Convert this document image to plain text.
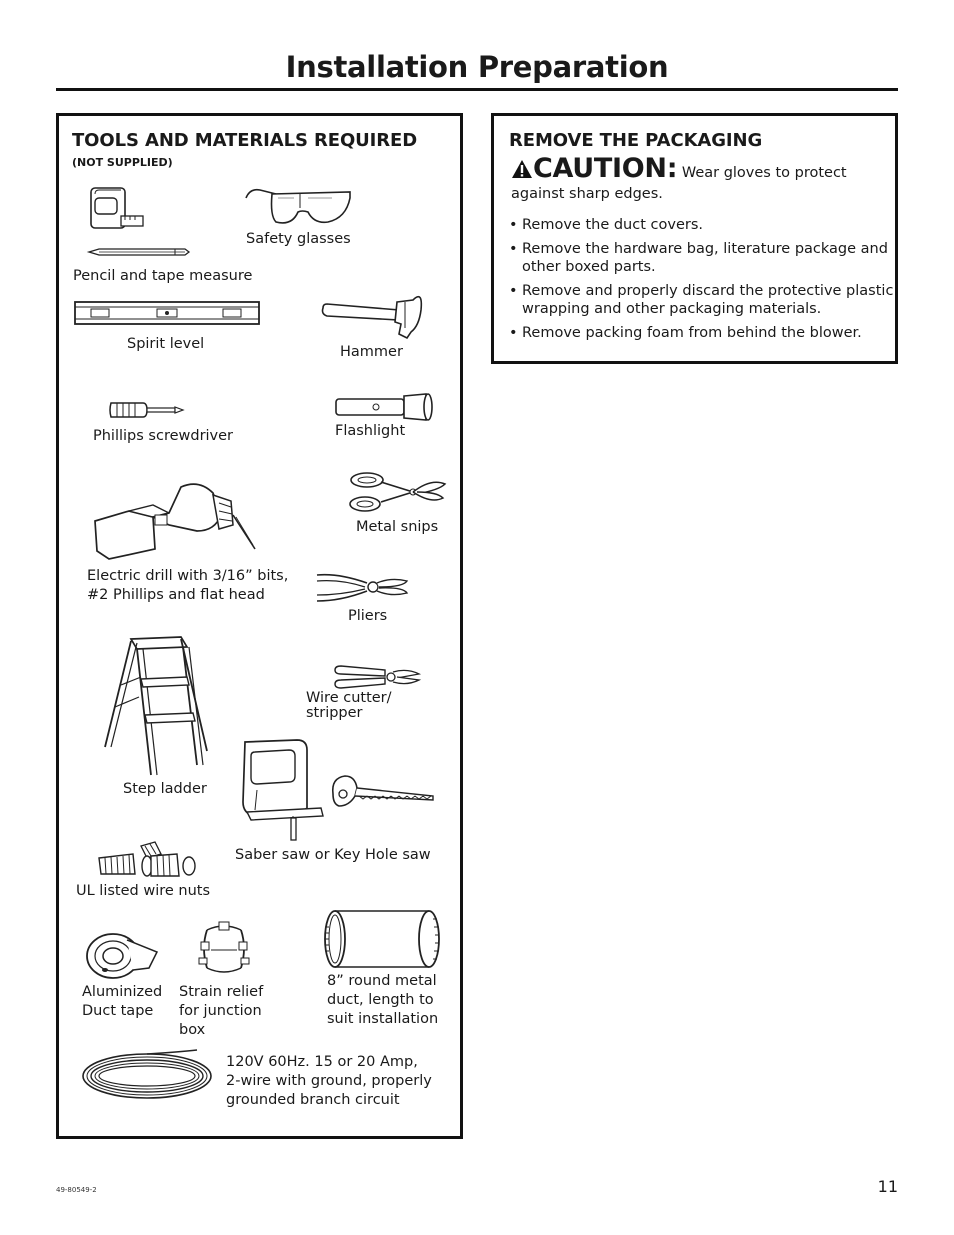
Installation Preparation
TOOLS AND MATERIALS REQUIRED
(NOT SUPPLIED)
Pencil and tape measure
Safety glasses
Spirit level	Hammer
Phillips screwdriver	Flashlight
Electric drill with 3/16” bits,
#2 Phillips and flat head
Metal snips
Pliers
Step ladder
Wire cutter/
stripper
Saber saw or Key Hole saw
UL listed wire nuts
Aluminized
Duct tape
Strain relief
for junction
box
8” round metal
duct, length to
suit installation
120V 60Hz. 15 or 20 Amp,
2-wire with ground, properly
grounded branch circuit
REMOVE THE PACKAGING

CAUTION: Wear gloves to protect against sharp edges.

• Remove the duct covers.
• Remove the hardware bag, literature package and other boxed parts.
• Remove and properly discard the protective plastic wrapping and other packaging materials.
• Remove packing foam from behind the blower.
49-80549-2	11
